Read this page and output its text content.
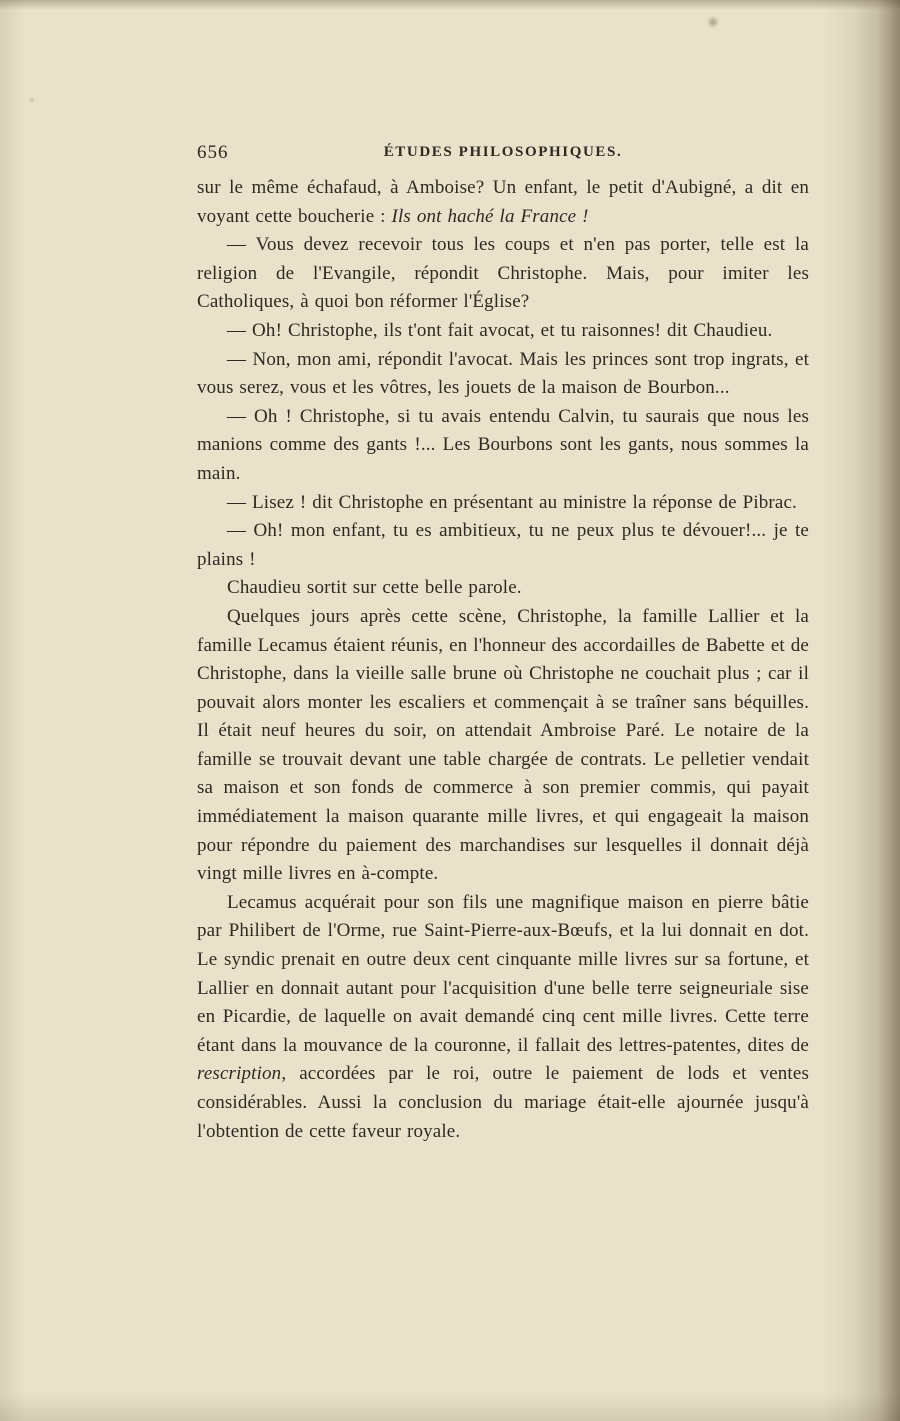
656	ÉTUDES PHILOSOPHIQUES.

sur le même échafaud, à Amboise? Un enfant, le petit d'Aubigné, a dit en voyant cette boucherie : Ils ont haché la France !

— Vous devez recevoir tous les coups et n'en pas porter, telle est la religion de l'Evangile, répondit Christophe. Mais, pour imiter les Catholiques, à quoi bon réformer l'Église?

— Oh! Christophe, ils t'ont fait avocat, et tu raisonnes! dit Chaudieu.

— Non, mon ami, répondit l'avocat. Mais les princes sont trop ingrats, et vous serez, vous et les vôtres, les jouets de la maison de Bourbon...

— Oh ! Christophe, si tu avais entendu Calvin, tu saurais que nous les manions comme des gants !... Les Bourbons sont les gants, nous sommes la main.

— Lisez ! dit Christophe en présentant au ministre la réponse de Pibrac.

— Oh! mon enfant, tu es ambitieux, tu ne peux plus te dévouer!... je te plains !

Chaudieu sortit sur cette belle parole.

Quelques jours après cette scène, Christophe, la famille Lallier et la famille Lecamus étaient réunis, en l'honneur des accordailles de Babette et de Christophe, dans la vieille salle brune où Christophe ne couchait plus ; car il pouvait alors monter les escaliers et commençait à se traîner sans béquilles. Il était neuf heures du soir, on attendait Ambroise Paré. Le notaire de la famille se trouvait devant une table chargée de contrats. Le pelletier vendait sa maison et son fonds de commerce à son premier commis, qui payait immédiatement la maison quarante mille livres, et qui engageait la maison pour répondre du paiement des marchandises sur lesquelles il donnait déjà vingt mille livres en à-compte.

Lecamus acquérait pour son fils une magnifique maison en pierre bâtie par Philibert de l'Orme, rue Saint-Pierre-aux-Bœufs, et la lui donnait en dot. Le syndic prenait en outre deux cent cinquante mille livres sur sa fortune, et Lallier en donnait autant pour l'acquisition d'une belle terre seigneuriale sise en Picardie, de laquelle on avait demandé cinq cent mille livres. Cette terre étant dans la mouvance de la couronne, il fallait des lettres-patentes, dites de rescription, accordées par le roi, outre le paiement de lods et ventes considérables. Aussi la conclusion du mariage était-elle ajournée jusqu'à l'obtention de cette faveur royale.
